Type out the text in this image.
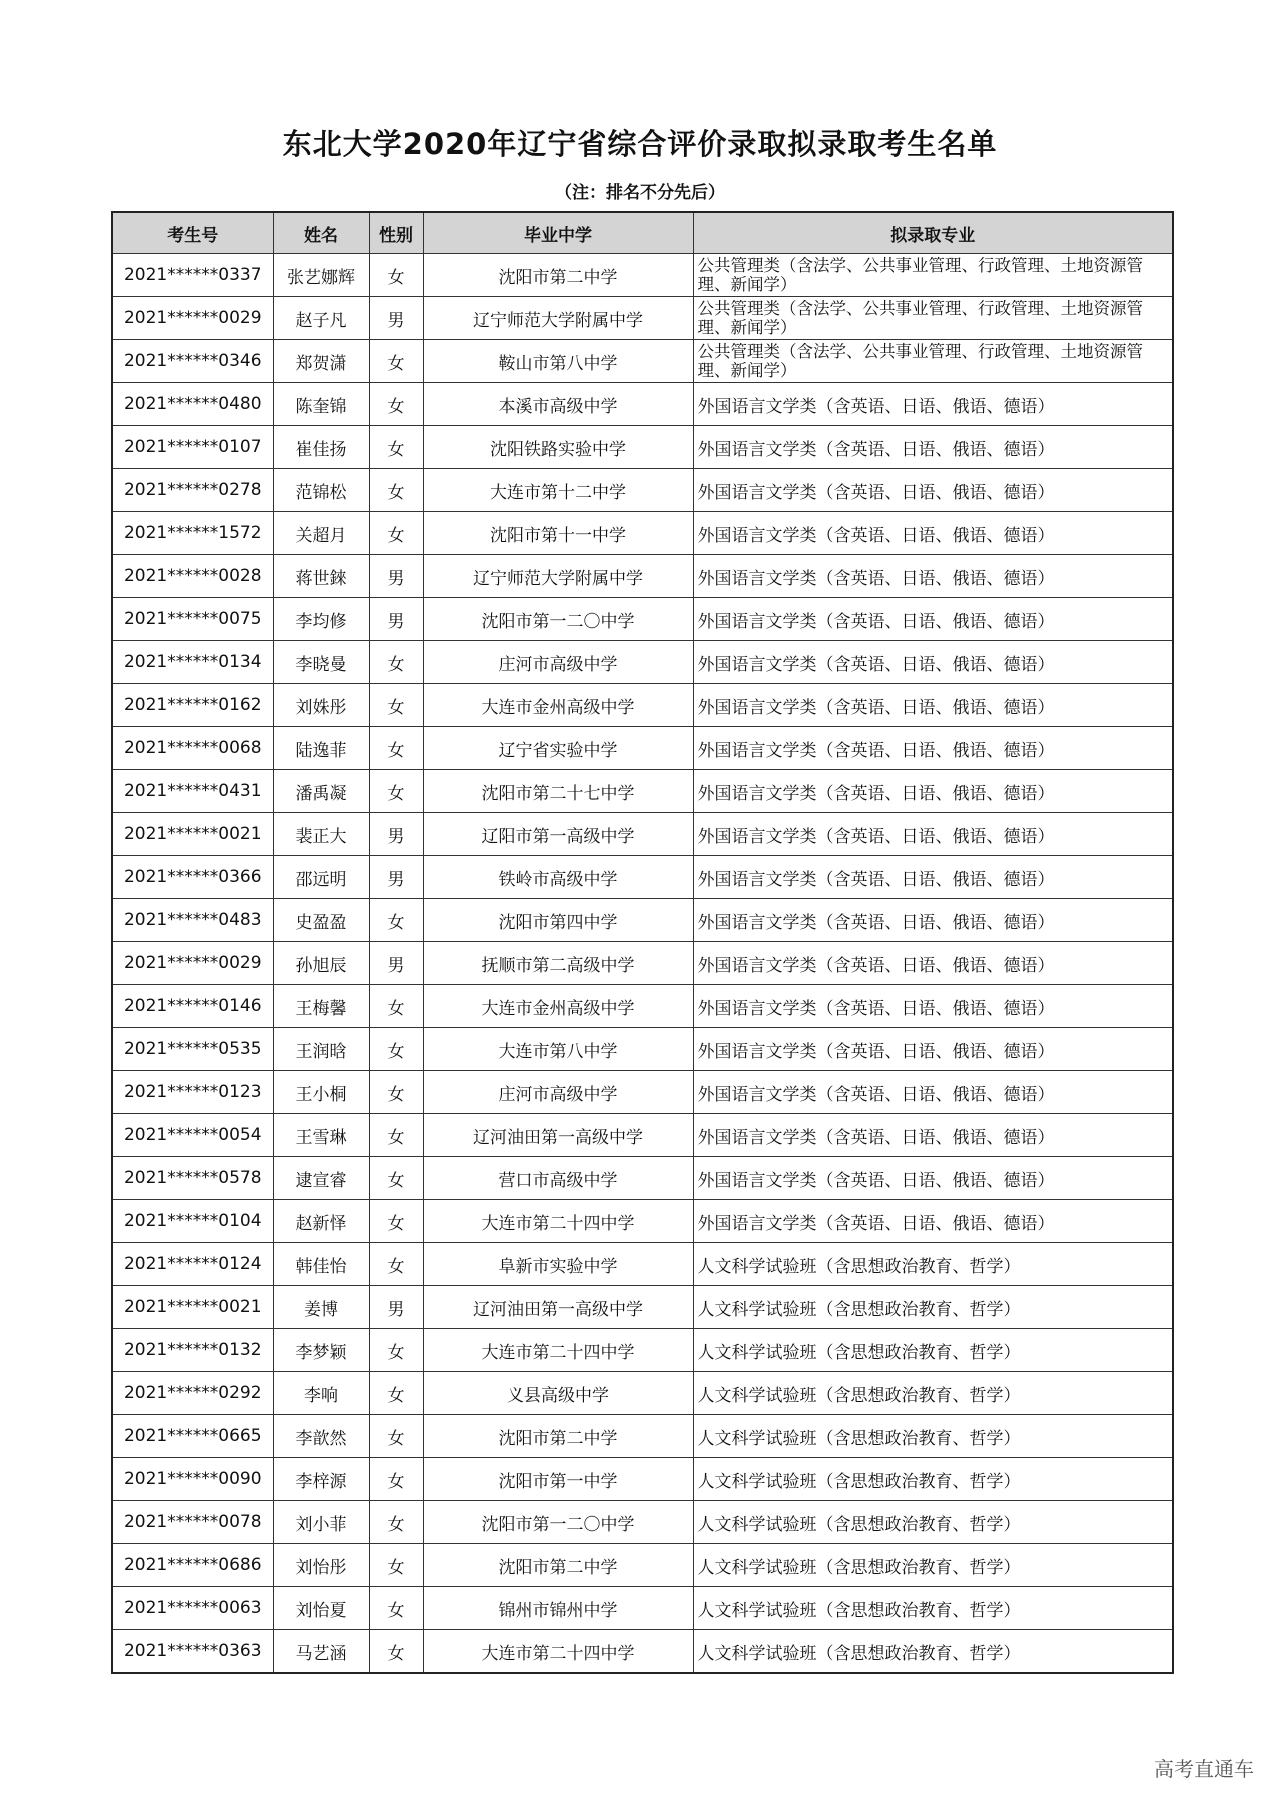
东北大学2020年辽宁省综合评价录取拟录取考生名单
（注：排名不分先后）
考生号	姓名	性别	毕业中学	拟录取专业
2021******0337	张艺娜辉	女	沈阳市第二中学	公共管理类（含法学、公共事业管理、行政管理、土地资源管理、新闻学）
2021******0029	赵子凡	男	辽宁师范大学附属中学	公共管理类（含法学、公共事业管理、行政管理、土地资源管理、新闻学）
2021******0346	郑贺潇	女	鞍山市第八中学	公共管理类（含法学、公共事业管理、行政管理、土地资源管理、新闻学）
2021******0480	陈奎锦	女	本溪市高级中学	外国语言文学类（含英语、日语、俄语、德语）
2021******0107	崔佳扬	女	沈阳铁路实验中学	外国语言文学类（含英语、日语、俄语、德语）
2021******0278	范锦松	女	大连市第十二中学	外国语言文学类（含英语、日语、俄语、德语）
2021******1572	关超月	女	沈阳市第十一中学	外国语言文学类（含英语、日语、俄语、德语）
2021******0028	蒋世錸	男	辽宁师范大学附属中学	外国语言文学类（含英语、日语、俄语、德语）
2021******0075	李均修	男	沈阳市第一二〇中学	外国语言文学类（含英语、日语、俄语、德语）
2021******0134	李晓曼	女	庄河市高级中学	外国语言文学类（含英语、日语、俄语、德语）
2021******0162	刘姝彤	女	大连市金州高级中学	外国语言文学类（含英语、日语、俄语、德语）
2021******0068	陆逸菲	女	辽宁省实验中学	外国语言文学类（含英语、日语、俄语、德语）
2021******0431	潘禹凝	女	沈阳市第二十七中学	外国语言文学类（含英语、日语、俄语、德语）
2021******0021	裴正大	男	辽阳市第一高级中学	外国语言文学类（含英语、日语、俄语、德语）
2021******0366	邵远明	男	铁岭市高级中学	外国语言文学类（含英语、日语、俄语、德语）
2021******0483	史盈盈	女	沈阳市第四中学	外国语言文学类（含英语、日语、俄语、德语）
2021******0029	孙旭辰	男	抚顺市第二高级中学	外国语言文学类（含英语、日语、俄语、德语）
2021******0146	王梅馨	女	大连市金州高级中学	外国语言文学类（含英语、日语、俄语、德语）
2021******0535	王润晗	女	大连市第八中学	外国语言文学类（含英语、日语、俄语、德语）
2021******0123	王小桐	女	庄河市高级中学	外国语言文学类（含英语、日语、俄语、德语）
2021******0054	王雪琳	女	辽河油田第一高级中学	外国语言文学类（含英语、日语、俄语、德语）
2021******0578	逮宣睿	女	营口市高级中学	外国语言文学类（含英语、日语、俄语、德语）
2021******0104	赵新怿	女	大连市第二十四中学	外国语言文学类（含英语、日语、俄语、德语）
2021******0124	韩佳怡	女	阜新市实验中学	人文科学试验班（含思想政治教育、哲学）
2021******0021	姜博	男	辽河油田第一高级中学	人文科学试验班（含思想政治教育、哲学）
2021******0132	李梦颖	女	大连市第二十四中学	人文科学试验班（含思想政治教育、哲学）
2021******0292	李响	女	义县高级中学	人文科学试验班（含思想政治教育、哲学）
2021******0665	李歆然	女	沈阳市第二中学	人文科学试验班（含思想政治教育、哲学）
2021******0090	李梓源	女	沈阳市第一中学	人文科学试验班（含思想政治教育、哲学）
2021******0078	刘小菲	女	沈阳市第一二〇中学	人文科学试验班（含思想政治教育、哲学）
2021******0686	刘怡彤	女	沈阳市第二中学	人文科学试验班（含思想政治教育、哲学）
2021******0063	刘怡夏	女	锦州市锦州中学	人文科学试验班（含思想政治教育、哲学）
2021******0363	马艺涵	女	大连市第二十四中学	人文科学试验班（含思想政治教育、哲学）
高考直通车
